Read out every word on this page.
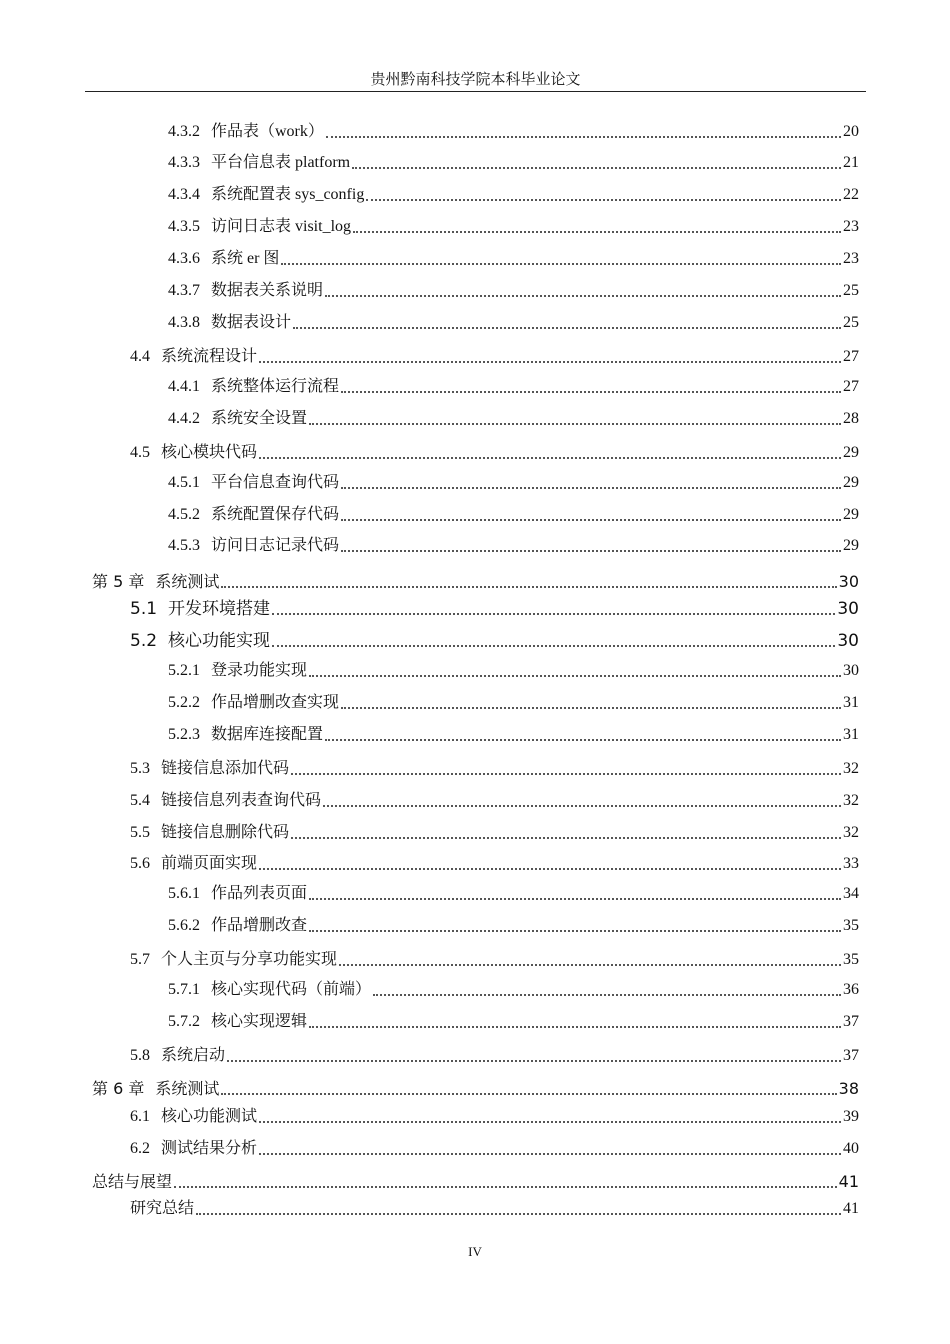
贵州黔南科技学院本科毕业论文
4.3.2 作品表（work）	20
4.3.3 平台信息表 platform	21
4.3.4 系统配置表 sys_config	22
4.3.5 访问日志表 visit_log	23
4.3.6 系统 er 图	23
4.3.7 数据表关系说明	25
4.3.8 数据表设计	25
4.4 系统流程设计	27
4.4.1 系统整体运行流程	27
4.4.2 系统安全设置	28
4.5 核心模块代码	29
4.5.1 平台信息查询代码	29
4.5.2 系统配置保存代码	29
4.5.3 访问日志记录代码	29
第 5 章 系统测试	30
5.1 开发环境搭建	30
5.2 核心功能实现	30
5.2.1 登录功能实现	30
5.2.2 作品增删改查实现	31
5.2.3 数据库连接配置	31
5.3 链接信息添加代码	32
5.4 链接信息列表查询代码	32
5.5 链接信息删除代码	32
5.6 前端页面实现	33
5.6.1 作品列表页面	34
5.6.2 作品增删改查	35
5.7 个人主页与分享功能实现	35
5.7.1 核心实现代码（前端）	36
5.7.2 核心实现逻辑	37
5.8 系统启动	37
第 6 章 系统测试	38
6.1 核心功能测试	39
6.2 测试结果分析	40
总结与展望	41
研究总结	41
IV
